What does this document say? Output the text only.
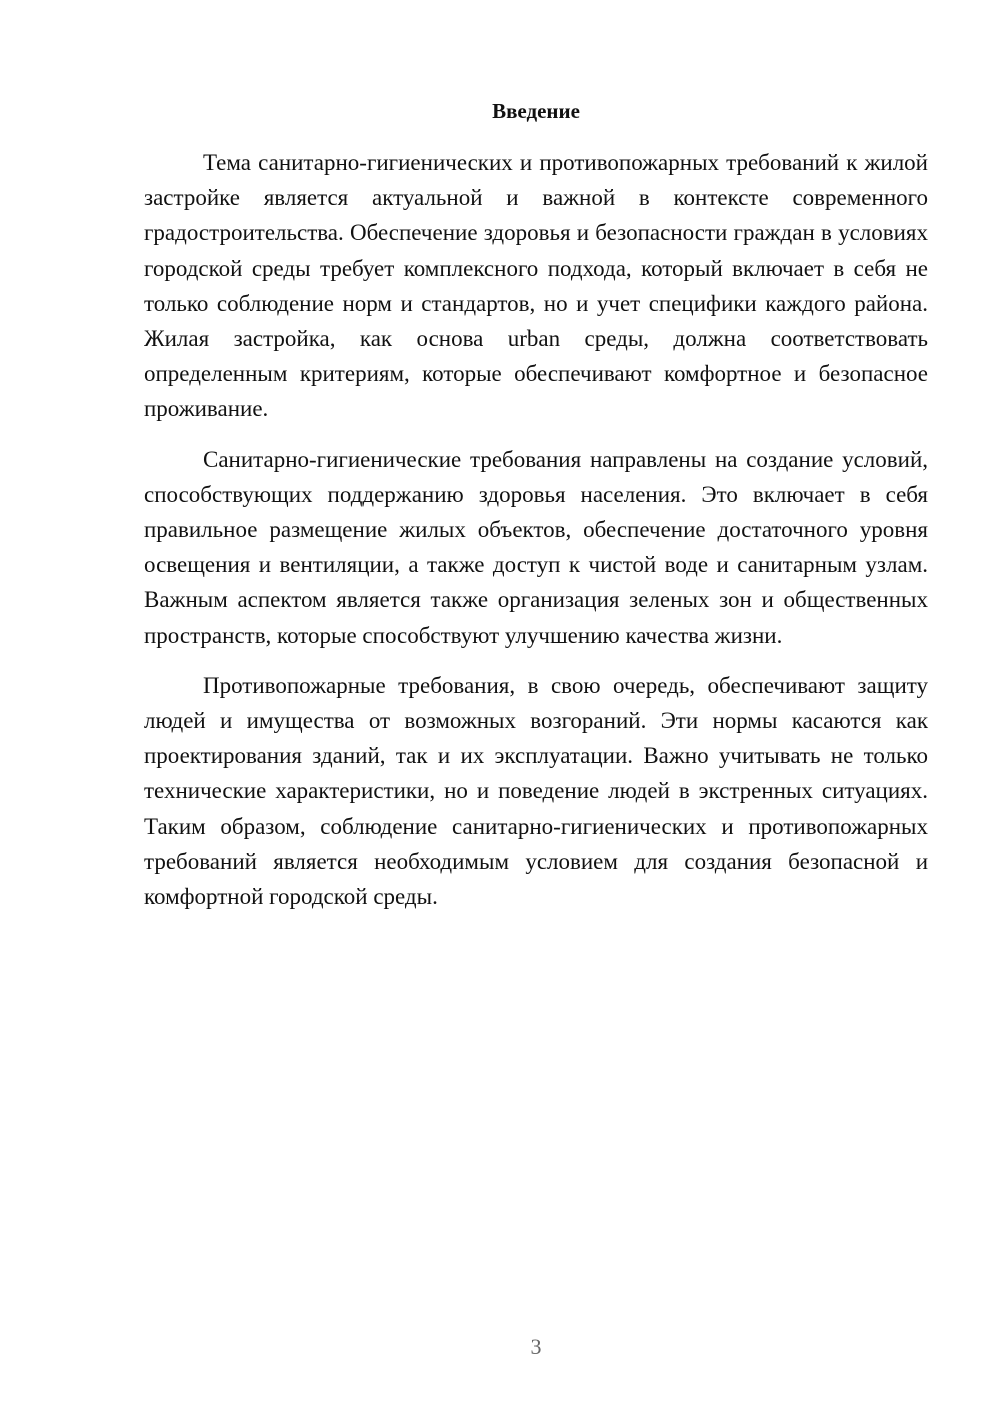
Введение

Тема санитарно-гигиенических и противопожарных требований к жилой застройке является актуальной и важной в контексте современного градостроительства. Обеспечение здоровья и безопасности граждан в условиях городской среды требует комплексного подхода, который включает в себя не только соблюдение норм и стандартов, но и учет специфики каждого района. Жилая застройка, как основа urban среды, должна соответствовать определенным критериям, которые обеспечивают комфортное и безопасное проживание.

Санитарно-гигиенические требования направлены на создание условий, способствующих поддержанию здоровья населения. Это включает в себя правильное размещение жилых объектов, обеспечение достаточного уровня освещения и вентиляции, а также доступ к чистой воде и санитарным узлам. Важным аспектом является также организация зеленых зон и общественных пространств, которые способствуют улучшению качества жизни.

Противопожарные требования, в свою очередь, обеспечивают защиту людей и имущества от возможных возгораний. Эти нормы касаются как проектирования зданий, так и их эксплуатации. Важно учитывать не только технические характеристики, но и поведение людей в экстренных ситуациях. Таким образом, соблюдение санитарно-гигиенических и противопожарных требований является необходимым условием для создания безопасной и комфортной городской среды.

3
